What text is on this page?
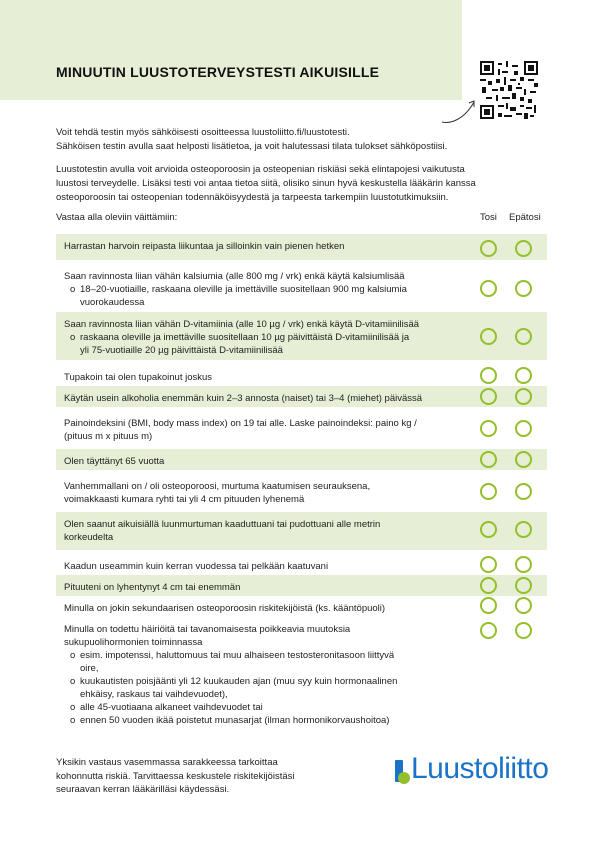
MINUUTIN LUUSTOTERVEYSTESTI AIKUISILLE

Voit tehdä testin myös sähköisesti osoitteessa luustoliitto.fi/luustotesti.
Sähköisen testin avulla saat helposti lisätietoa, ja voit halutessasi tilata tulokset sähköpostiisi.

Luustotestin avulla voit arvioida osteoporoosin ja osteopenian riskiäsi sekä elintapojesi vaikutusta
luustosi terveydelle. Lisäksi testi voi antaa tietoa siitä, olisiko sinun hyvä keskustella lääkärin kanssa
osteoporoosin tai osteopenian todennäköisyydestä ja tarpeesta tarkempiin luustotutkimuksiin.

Vastaa alla oleviin väittämiin:	Tosi Epätosi
Harrastan harvoin reipasta liikuntaa ja silloinkin vain pienen hetken
Saan ravinnosta liian vähän kalsiumia (alle 800 mg / vrk) enkä käytä kalsiumlisää
o 18–20-vuotiaille, raskaana oleville ja imettäville suositellaan 900 mg kalsiumia
vuorokaudessa
Saan ravinnosta liian vähän D-vitamiinia (alle 10 µg / vrk) enkä käytä D-vitamiinilisää
o raskaana oleville ja imettäville suositellaan 10 µg päivittäistä D-vitamiinilisää ja
yli 75-vuotiaille 20 µg päivittäistä D-vitamiinilisää
Tupakoin tai olen tupakoinut joskus
Käytän usein alkoholia enemmän kuin 2–3 annosta (naiset) tai 3–4 (miehet) päivässä
Painoindeksini (BMI, body mass index) on 19 tai alle. Laske painoindeksi: paino kg /
(pituus m x pituus m)
Olen täyttänyt 65 vuotta
Vanhemmallani on / oli osteoporoosi, murtuma kaatumisen seurauksena,
voimakkaasti kumara ryhti tai yli 4 cm pituuden lyhenemä
Olen saanut aikuisiällä luunmurtuman kaaduttuani tai pudottuani alle metrin
korkeudelta
Kaadun useammin kuin kerran vuodessa tai pelkään kaatuvani
Pituuteni on lyhentynyt 4 cm tai enemmän
Minulla on jokin sekundaarisen osteoporoosin riskitekijöistä (ks. kääntöpuoli)
Minulla on todettu häiriöitä tai tavanomaisesta poikkeavia muutoksia
sukupuolihormonien toiminnassa
o esim. impotenssi, haluttomuus tai muu alhaiseen testosteronitasoon liittyvä
oire,
o kuukautisten poisjäänti yli 12 kuukauden ajan (muu syy kuin hormonaalinen
ehkäisy, raskaus tai vaihdevuodet),
o alle 45-vuotiaana alkaneet vaihdevuodet tai
o ennen 50 vuoden ikää poistetut munasarjat (ilman hormonikorvaushoitoa)
Yksikin vastaus vasemmassa sarakkeessa tarkoittaa
kohonnutta riskiä. Tarvittaessa keskustele riskitekijöistäsi
seuraavan kerran lääkärilläsi käydessäsi.
Luustoliitto
